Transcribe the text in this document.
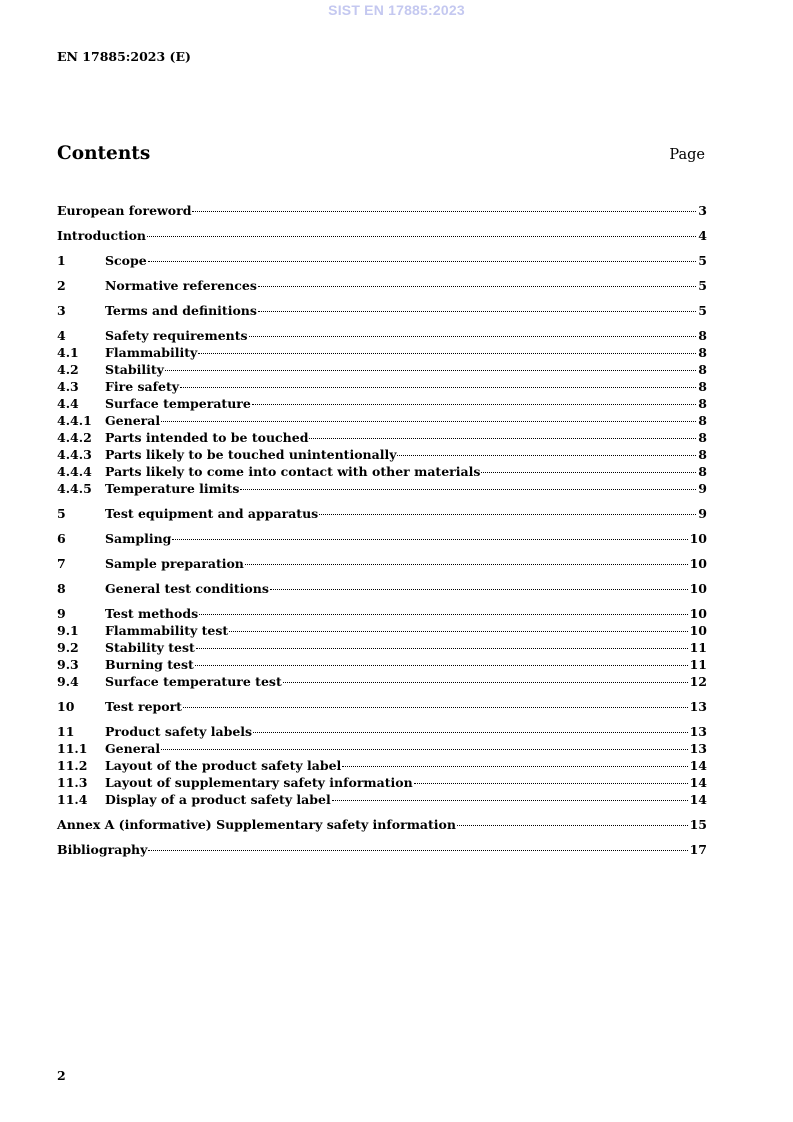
SIST EN 17885:2023
EN 17885:2023 (E)
Contents	Page
European foreword	3
Introduction	4
1	Scope	5
2	Normative references	5
3	Terms and definitions	5
4	Safety requirements	8
4.1	Flammability	8
4.2	Stability	8
4.3	Fire safety	8
4.4	Surface temperature	8
4.4.1	General	8
4.4.2	Parts intended to be touched	8
4.4.3	Parts likely to be touched unintentionally	8
4.4.4	Parts likely to come into contact with other materials	8
4.4.5	Temperature limits	9
5	Test equipment and apparatus	9
6	Sampling	10
7	Sample preparation	10
8	General test conditions	10
9	Test methods	10
9.1	Flammability test	10
9.2	Stability test	11
9.3	Burning test	11
9.4	Surface temperature test	12
10	Test report	13
11	Product safety labels	13
11.1	General	13
11.2	Layout of the product safety label	14
11.3	Layout of supplementary safety information	14
11.4	Display of a product safety label	14
Annex A (informative) Supplementary safety information	15
Bibliography	17
2
